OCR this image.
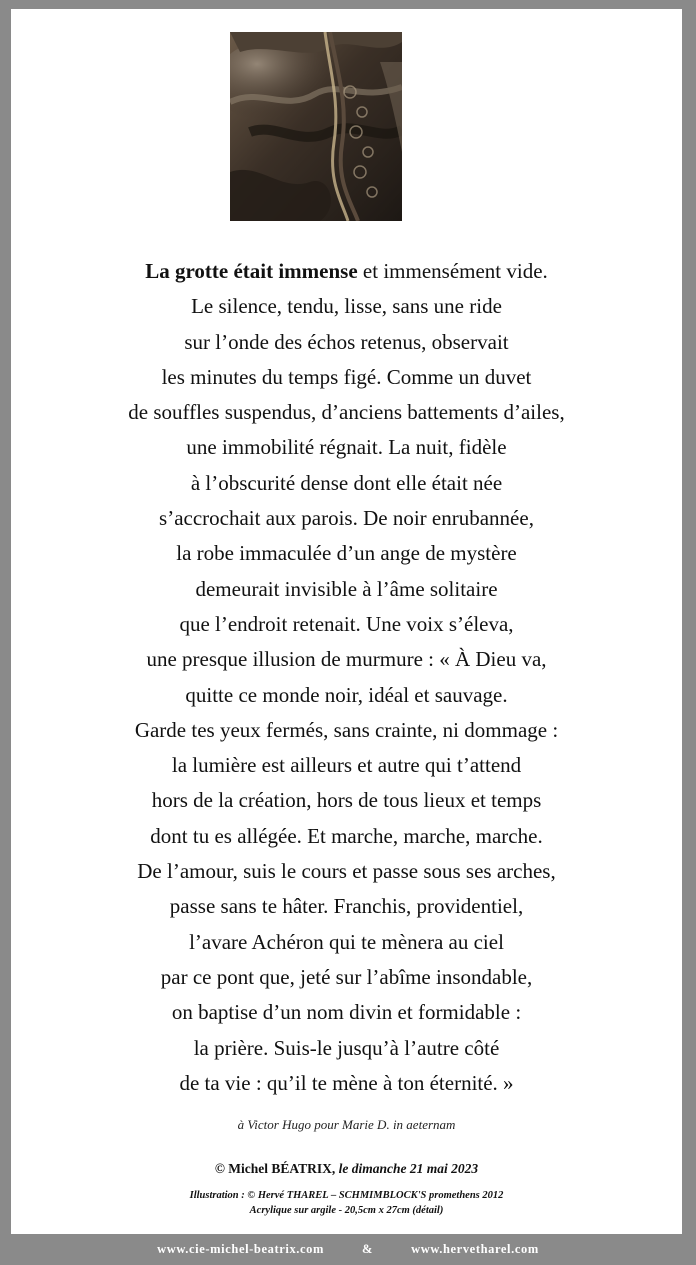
La grotte était immense et immensément vide.
Le silence, tendu, lisse, sans une ride
sur l’onde des échos retenus, observait
les minutes du temps figé. Comme un duvet
de souffles suspendus, d’anciens battements d’ailes,
une immobilité régnait. La nuit, fidèle
à l’obscurité dense dont elle était née
s’accrochait aux parois. De noir enrubannée,
la robe immaculée d’un ange de mystère
demeurait invisible à l’âme solitaire
que l’endroit retenait. Une voix s’éleva,
une presque illusion de murmure : « À Dieu va,
quitte ce monde noir, idéal et sauvage.
Garde tes yeux fermés, sans crainte, ni dommage :
la lumière est ailleurs et autre qui t’attend
hors de la création, hors de tous lieux et temps
dont tu es allégée. Et marche, marche, marche.
De l’amour, suis le cours et passe sous ses arches,
passe sans te hâter. Franchis, providentiel,
l’avare Achéron qui te mènera au ciel
par ce pont que, jeté sur l’abîme insondable,
on baptise d’un nom divin et formidable :
la prière. Suis-le jusqu’à l’autre côté
de ta vie : qu’il te mène à ton éternité. »
à Victor Hugo pour Marie D. in aeternam
© Michel BÉATRIX, le dimanche 21 mai 2023
Illustration : © Hervé THAREL – SCHMIMBLOCK'S promethens 2012
Acrylique sur argile - 20,5cm x 27cm (détail)
www.cie-michel-beatrix.com	&	www.hervetharel.com
